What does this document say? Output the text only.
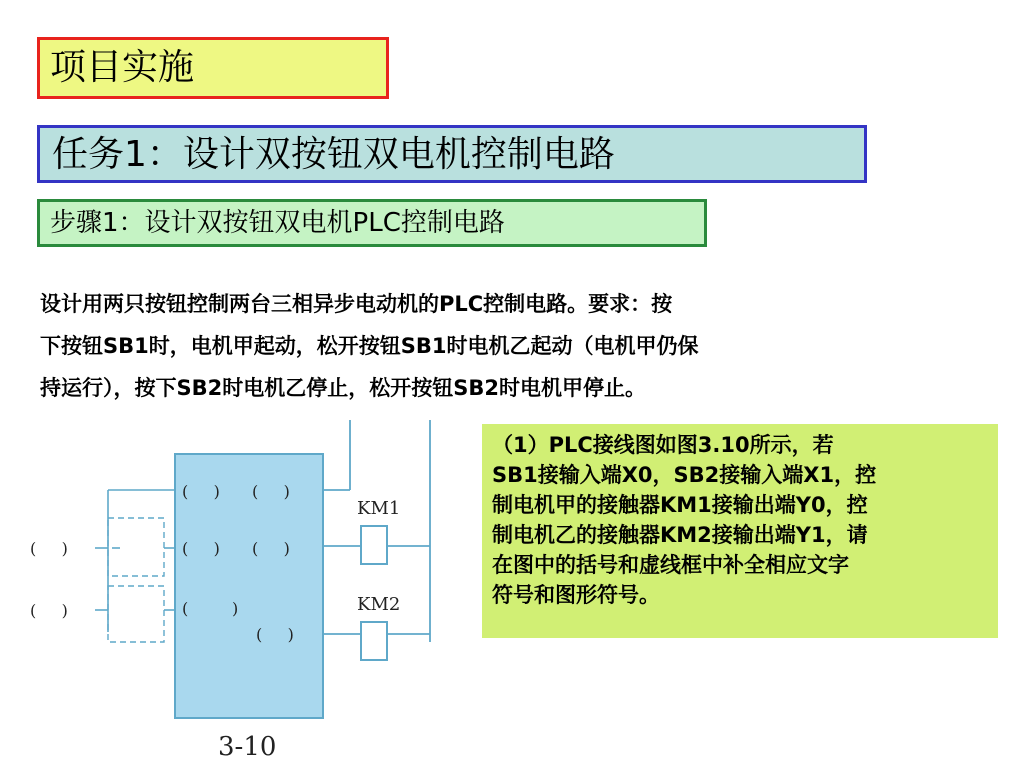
项目实施
任务1：设计双按钮双电机控制电路
步骤1：设计双按钮双电机PLC控制电路
设计用两只按钮控制两台三相异步电动机的PLC控制电路。要求：按
下按钮SB1时，电机甲起动，松开按钮SB1时电机乙起动（电机甲仍保
持运行），按下SB2时电机乙停止，松开按钮SB2时电机甲停止。
（1）PLC接线图如图3.10所示，若
SB1接输入端X0，SB2接输入端X1，控
制电机甲的接触器KM1接输出端Y0，控
制电机乙的接触器KM2接输出端Y1，请
在图中的括号和虚线框中补全相应文字
符号和图形符号。
KM1
KM2
(     ) (     )
(     ) (     )
(	)
(     )
(     )
(     )
3-10
